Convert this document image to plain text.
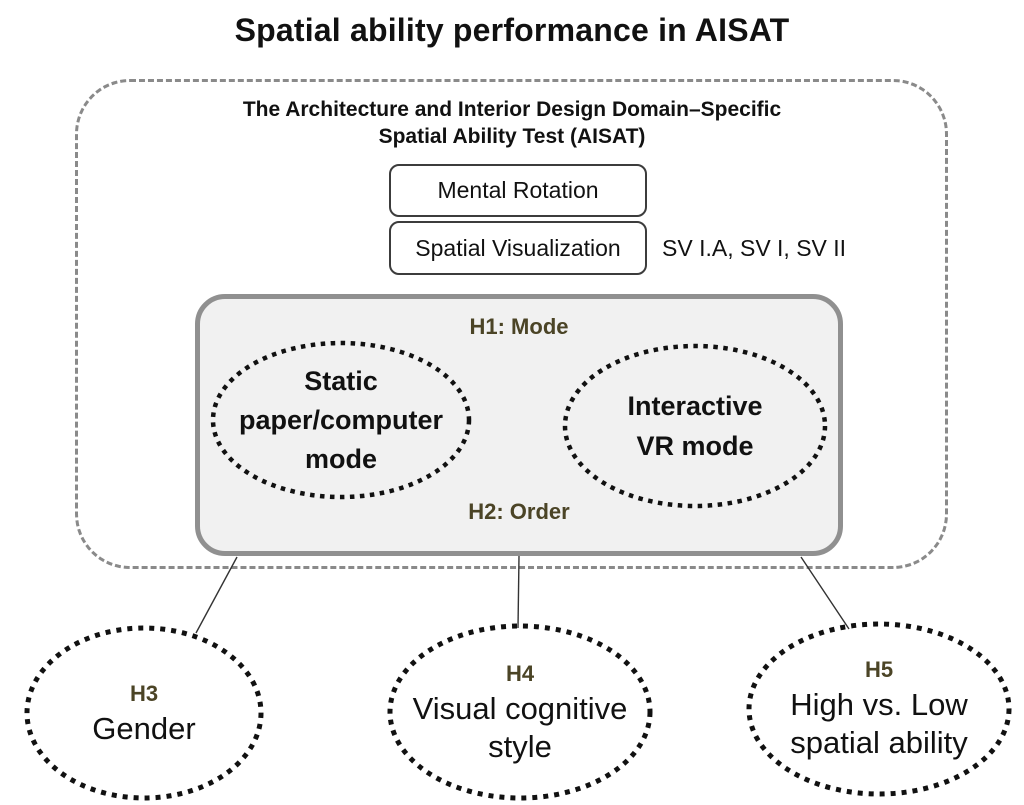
Spatial ability performance in AISAT
The Architecture and Interior Design Domain–Specific
Spatial Ability Test (AISAT)
Mental Rotation
Spatial Visualization SV I.A, SV I, SV II
H1: Mode
H2: Order
Static
paper/computer
mode
Interactive
VR mode
H3
Gender
H4
Visual cognitive
style
H5
High vs. Low
spatial ability
